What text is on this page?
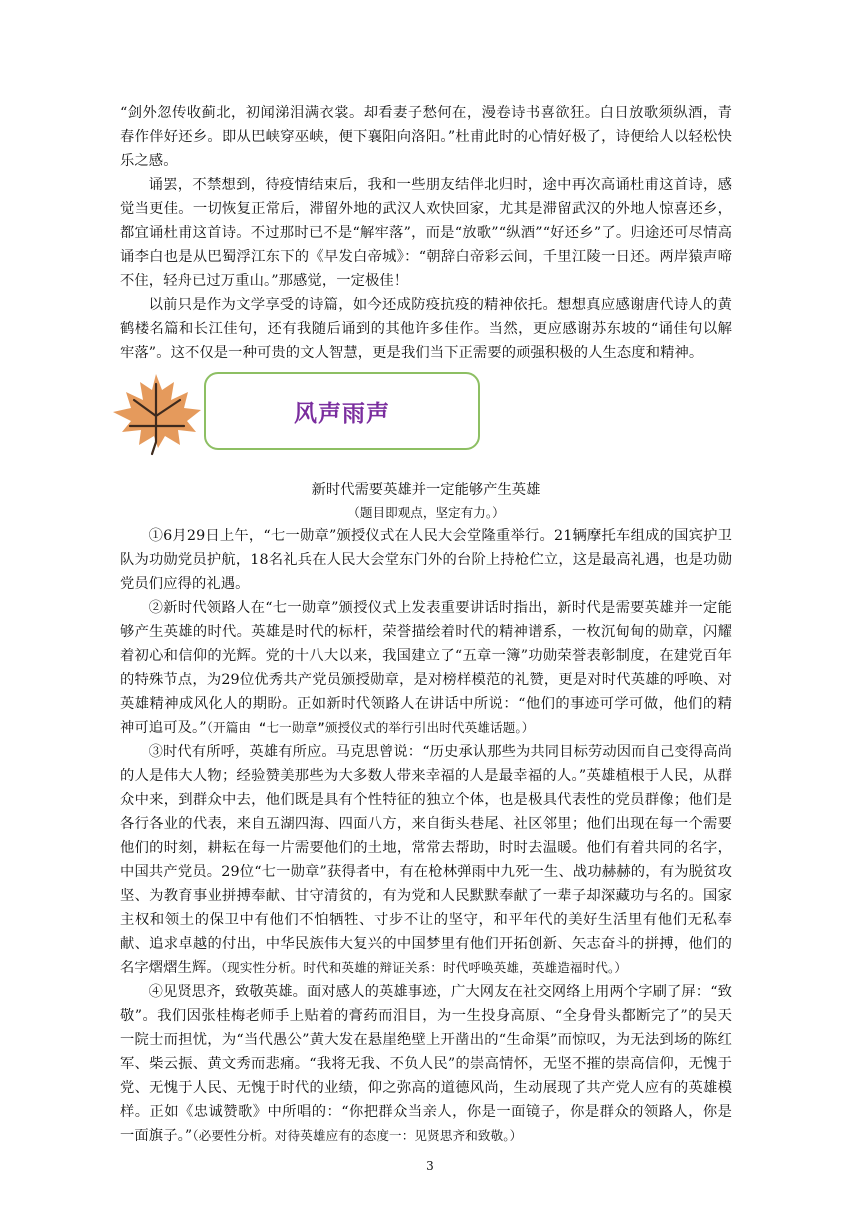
“剑外忽传收蓟北，初闻涕泪满衣裳。却看妻子愁何在，漫卷诗书喜欲狂。白日放歌须纵酒，青春作伴好还乡。即从巴峡穿巫峡，便下襄阳向洛阳。”杜甫此时的心情好极了，诗便给人以轻松快乐之感。

诵罢，不禁想到，待疫情结束后，我和一些朋友结伴北归时，途中再次高诵杜甫这首诗，感觉当更佳。一切恢复正常后，滞留外地的武汉人欢快回家，尤其是滞留武汉的外地人惊喜还乡，都宜诵杜甫这首诗。不过那时已不是“解牢落”，而是“放歌”“纵酒”“好还乡”了。归途还可尽情高诵李白也是从巴蜀浮江东下的《早发白帝城》：“朝辞白帝彩云间，千里江陵一日还。两岸猿声啼不住，轻舟已过万重山。”那感觉，一定极佳！

以前只是作为文学享受的诗篇，如今还成防疫抗疫的精神依托。想想真应感谢唐代诗人的黄鹤楼名篇和长江佳句，还有我随后诵到的其他许多佳作。当然，更应感谢苏东坡的“诵佳句以解牢落”。这不仅是一种可贵的文人智慧，更是我们当下正需要的顽强积极的人生态度和精神。

风声雨声
新时代需要英雄并一定能够产生英雄
（题目即观点，坚定有力。）

①6月29日上午，“七一勋章”颁授仪式在人民大会堂隆重举行。21辆摩托车组成的国宾护卫队为功勋党员护航，18名礼兵在人民大会堂东门外的台阶上持枪伫立，这是最高礼遇，也是功勋党员们应得的礼遇。

②新时代领路人在“七一勋章”颁授仪式上发表重要讲话时指出，新时代是需要英雄并一定能够产生英雄的时代。英雄是时代的标杆，荣誉描绘着时代的精神谱系，一枚沉甸甸的勋章，闪耀着初心和信仰的光辉。党的十八大以来，我国建立了“五章一簿”功勋荣誉表彰制度，在建党百年的特殊节点，为29位优秀共产党员颁授勋章，是对榜样模范的礼赞，更是对时代英雄的呼唤、对英雄精神成风化人的期盼。正如新时代领路人在讲话中所说：“他们的事迹可学可做，他们的精神可追可及。”（开篇由 “七一勋章”颁授仪式的举行引出时代英雄话题。）

③时代有所呼，英雄有所应。马克思曾说：“历史承认那些为共同目标劳动因而自己变得高尚的人是伟大人物；经验赞美那些为大多数人带来幸福的人是最幸福的人。”英雄植根于人民，从群众中来，到群众中去，他们既是具有个性特征的独立个体，也是极具代表性的党员群像；他们是各行各业的代表，来自五湖四海、四面八方，来自街头巷尾、社区邻里；他们出现在每一个需要他们的时刻，耕耘在每一片需要他们的土地，常常去帮助，时时去温暖。他们有着共同的名字，中国共产党员。29位“七一勋章”获得者中，有在枪林弹雨中九死一生、战功赫赫的，有为脱贫攻坚、为教育事业拼搏奉献、甘守清贫的，有为党和人民默默奉献了一辈子却深藏功与名的。国家主权和领土的保卫中有他们不怕牺牲、寸步不让的坚守，和平年代的美好生活里有他们无私奉献、追求卓越的付出，中华民族伟大复兴的中国梦里有他们开拓创新、矢志奋斗的拼搏，他们的名字熠熠生辉。（现实性分析。时代和英雄的辩证关系：时代呼唤英雄，英雄造福时代。）

④见贤思齐，致敬英雄。面对感人的英雄事迹，广大网友在社交网络上用两个字刷了屏：“致敬”。我们因张桂梅老师手上贴着的膏药而泪目，为一生投身高原、“全身骨头都断完了”的吴天一院士而担忧，为“当代愚公”黄大发在悬崖绝壁上开凿出的“生命渠”而惊叹，为无法到场的陈红军、柴云振、黄文秀而悲痛。“我将无我、不负人民”的崇高情怀，无坚不摧的崇高信仰，无愧于党、无愧于人民、无愧于时代的业绩，仰之弥高的道德风尚，生动展现了共产党人应有的英雄模样。正如《忠诚赞歌》中所唱的：“你把群众当亲人，你是一面镜子，你是群众的领路人，你是一面旗子。”（必要性分析。对待英雄应有的态度一：见贤思齐和致敬。）

3
